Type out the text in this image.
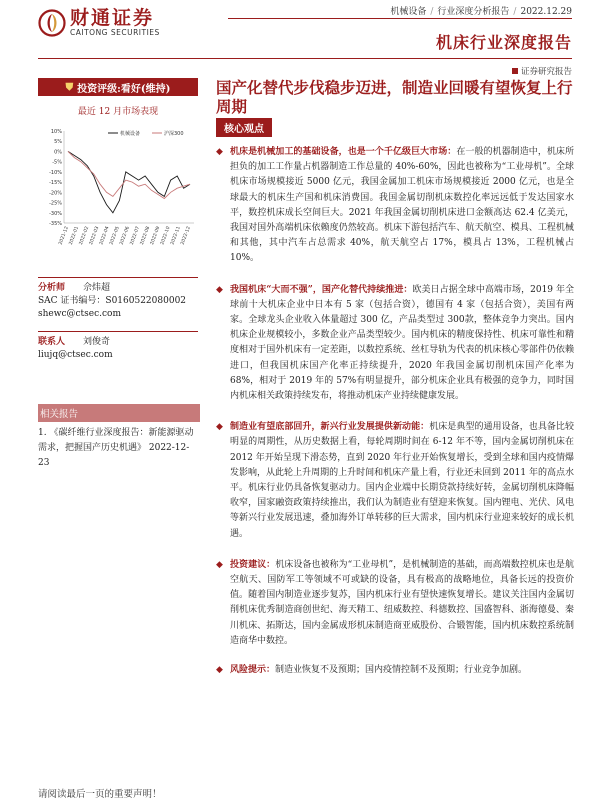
财通证券
CAITONG SECURITIES
机械设备 / 行业深度分析报告 / 2022.12.29
机床行业深度报告
证券研究报告
⛊ 投资评级:看好(维持)
最近 12 月市场表现
10%
5%
0%
-5%
-10%
-15%
-20%
-25%
-30%
-35%
2021-12
2022-01
2022-02
2022-03
2022-04
2022-05
2022-06
2022-07
2022-08
2022-09
2022-10
2022-11
2022-12
机械设备	沪深300
分析师 佘炜超
SAC 证书编号：S0160522080002
shewc@ctsec.com
联系人 刘俊奇
liujq@ctsec.com
相关报告
1. 《碳纤维行业深度报告：新能源驱动需求，把握国产历史机遇》 2022-12-23
国产化替代步伐稳步迈进，制造业回暖有望恢复上行周期
核心观点
◆ 机床是机械加工的基础设备，也是一个千亿级巨大市场：在一般的机器制造中，机床所担负的加工工作量占机器制造工作总量的 40%-60%，因此也被称为“工业母机”。全球机床市场规模接近 5000 亿元，我国金属加工机床市场规模接近 2000 亿元，也是全球最大的机床生产国和机床消费国。我国金属切削机床数控化率远远低于发达国家水平，数控机床成长空间巨大。2021 年我国金属切削机床进口金额高达 62.4 亿美元，我国对国外高端机床依赖度仍然较高。机床下游包括汽车、航天航空、模具、工程机械和其他，其中汽车占总需求 40%，航天航空占 17%，模具占 13%，工程机械占 10%。
◆ 我国机床“大而不强”，国产化替代持续推进：欧美日占据全球中高端市场，2019 年全球前十大机床企业中日本有 5 家（包括合资），德国有 4 家（包括合资），美国有两家。全球龙头企业收入体量超过 300 亿，产品类型过 300款，整体竞争力突出。国内机床企业规模较小，多数企业产品类型较少。国内机床的精度保持性、机床可靠性和精度相对于国外机床有一定差距，以数控系统、丝杠导轨为代表的机床核心零部件仍依赖进口，但我国机床国产化率正持续提升，2020 年我国金属切削机床国产化率为 68%，相对于 2019 年的 57%有明显提升，部分机床企业具有极强的竞争力，同时国内机床相关政策持续发布，将推动机床产业持续健康发展。
◆ 制造业有望底部回升，新兴行业发展提供新动能：机床是典型的通用设备，也具备比较明显的周期性，从历史数据上看，每轮周期时间在 6-12 年不等，国内金属切削机床在 2012 年开始呈现下滑态势，直到 2020 年行业开始恢复增长，受到全球和国内疫情爆发影响，从此轮上升周期的上升时间和机床产量上看，行业还未回到 2011 年的高点水平。机床行业仍具备恢复驱动力。国内企业端中长期贷款持续好转，金属切削机床降幅收窄，国家融资政策持续推出，我们认为制造业有望迎来恢复。国内锂电、光伏、风电等新兴行业发展迅速，叠加海外订单转移的巨大需求，国内机床行业迎来较好的成长机遇。
◆ 投资建议：机床设备也被称为“工业母机”，是机械制造的基础，而高端数控机床也是航空航天、国防军工等领域不可或缺的设备，具有极高的战略地位，具备长远的投资价值。随着国内制造业逐步复苏，国内机床行业有望快速恢复增长。建议关注国内金属切削机床优秀制造商创世纪、海天精工、纽威数控、科德数控、国盛智科、浙海德曼、秦川机床、拓斯达，国内金属成形机床制造商亚威股份、合锻智能，国内机床数控系统制造商华中数控。
◆ 风险提示：制造业恢复不及预期；国内疫情控制不及预期；行业竞争加剧。
请阅读最后一页的重要声明！
